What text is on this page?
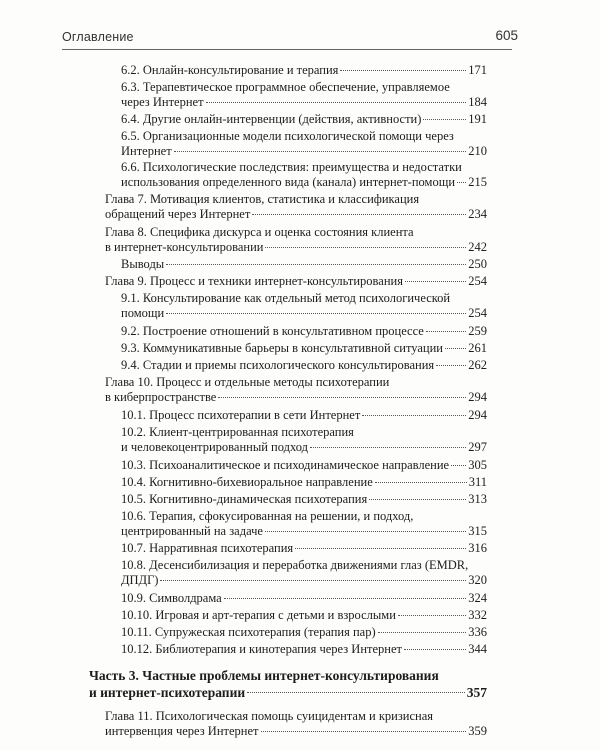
Оглавление	605
6.2. Онлайн-консультирование и терапия	171
6.3. Терапевтическое программное обеспечение, управляемое
через Интернет	184
6.4. Другие онлайн-интервенции (действия, активности)	191
6.5. Организационные модели психологической помощи через
Интернет	210
6.6. Психологические последствия: преимущества и недостатки
использования определенного вида (канала) интернет-помощи 215
Глава 7. Мотивация клиентов, статистика и классификация
обращений через Интернет	234
Глава 8. Специфика дискурса и оценка состояния клиента
в интернет-консультировании	242
Выводы	250
Глава 9. Процесс и техники интернет-консультирования	254
9.1. Консультирование как отдельный метод психологической
помощи	254
9.2. Построение отношений в консультативном процессе	259
9.3. Коммуникативные барьеры в консультативной ситуации 261
9.4. Стадии и приемы психологического консультирования	262
Глава 10. Процесс и отдельные методы психотерапии
в киберпространстве	294
10.1. Процесс психотерапии в сети Интернет	294
10.2. Клиент-центрированная психотерапия
и человекоцентрированный подход	297
10.3. Психоаналитическое и психодинамическое направление 305
10.4. Когнитивно-бихевиоральное направление	311
10.5. Когнитивно-динамическая психотерапия	313
10.6. Терапия, сфокусированная на решении, и подход,
центрированный на задаче	315
10.7. Нарративная психотерапия	316
10.8. Десенсибилизация и переработка движениями глаз (EMDR,
ДПДГ)	320
10.9. Символдрама	324
10.10. Игровая и арт-терапия с детьми и взрослыми	332
10.11. Супружеская психотерапия (терапия пар)	336
10.12. Библиотерапия и кинотерапия через Интернет	344
Часть 3. Частные проблемы интернет-консультирования
и интернет-психотерапии	357
Глава 11. Психологическая помощь суицидентам и кризисная
интервенция через Интернет	359
